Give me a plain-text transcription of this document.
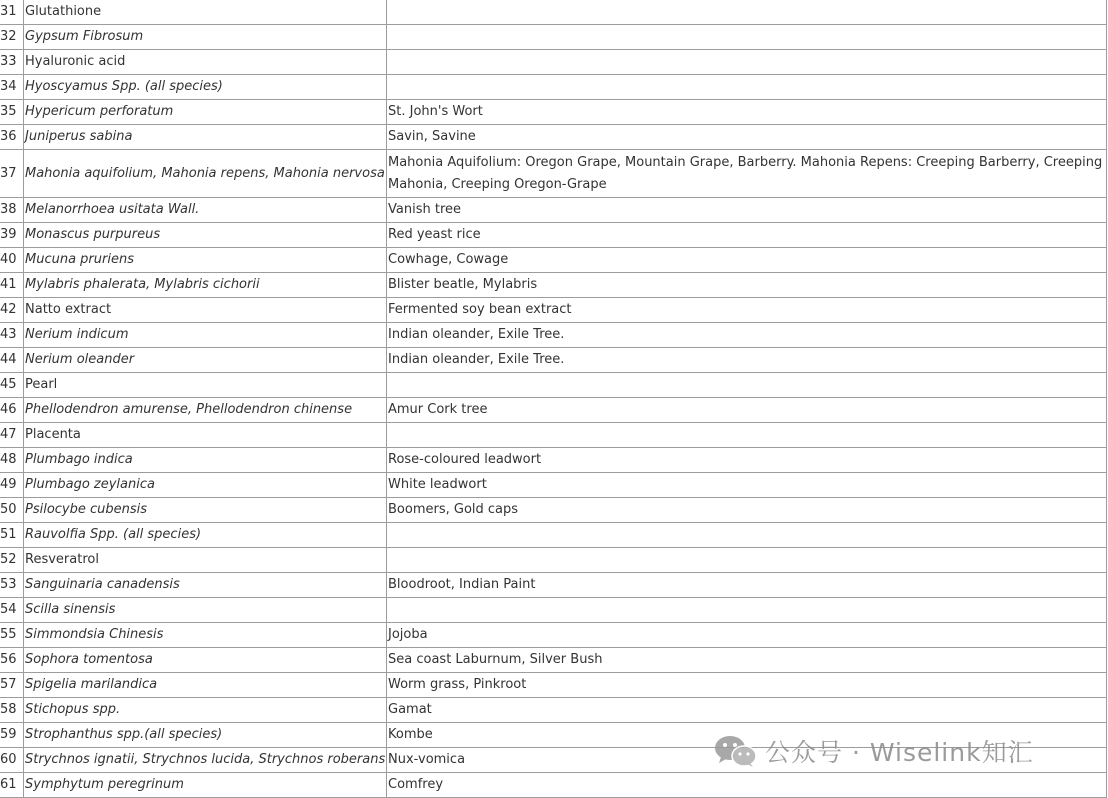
31	Glutathione	
32	Gypsum Fibrosum	
33	Hyaluronic acid	
34	Hyoscyamus Spp. (all species)	
35	Hypericum perforatum	St. John's Wort
36	Juniperus sabina	Savin, Savine
37	Mahonia aquifolium, Mahonia repens, Mahonia nervosa	Mahonia Aquifolium: Oregon Grape, Mountain Grape, Barberry. Mahonia Repens: Creeping Barberry, Creeping Mahonia, Creeping Oregon-Grape
38	Melanorrhoea usitata Wall.	Vanish tree
39	Monascus purpureus	Red yeast rice
40	Mucuna pruriens	Cowhage, Cowage
41	Mylabris phalerata, Mylabris cichorii	Blister beatle, Mylabris
42	Natto extract	Fermented soy bean extract
43	Nerium indicum	Indian oleander, Exile Tree.
44	Nerium oleander	Indian oleander, Exile Tree.
45	Pearl	
46	Phellodendron amurense, Phellodendron chinense	Amur Cork tree
47	Placenta	
48	Plumbago indica	Rose-coloured leadwort
49	Plumbago zeylanica	White leadwort
50	Psilocybe cubensis	Boomers, Gold caps
51	Rauvolfia Spp. (all species)	
52	Resveratrol	
53	Sanguinaria canadensis	Bloodroot, Indian Paint
54	Scilla sinensis	
55	Simmondsia Chinesis	Jojoba
56	Sophora tomentosa	Sea coast Laburnum, Silver Bush
57	Spigelia marilandica	Worm grass, Pinkroot
58	Stichopus spp.	Gamat
59	Strophanthus spp.(all species)	Kombe
60	Strychnos ignatii, Strychnos lucida, Strychnos roberans	Nux-vomica
61	Symphytum peregrinum	Comfrey
公众号 · Wiselink知汇
